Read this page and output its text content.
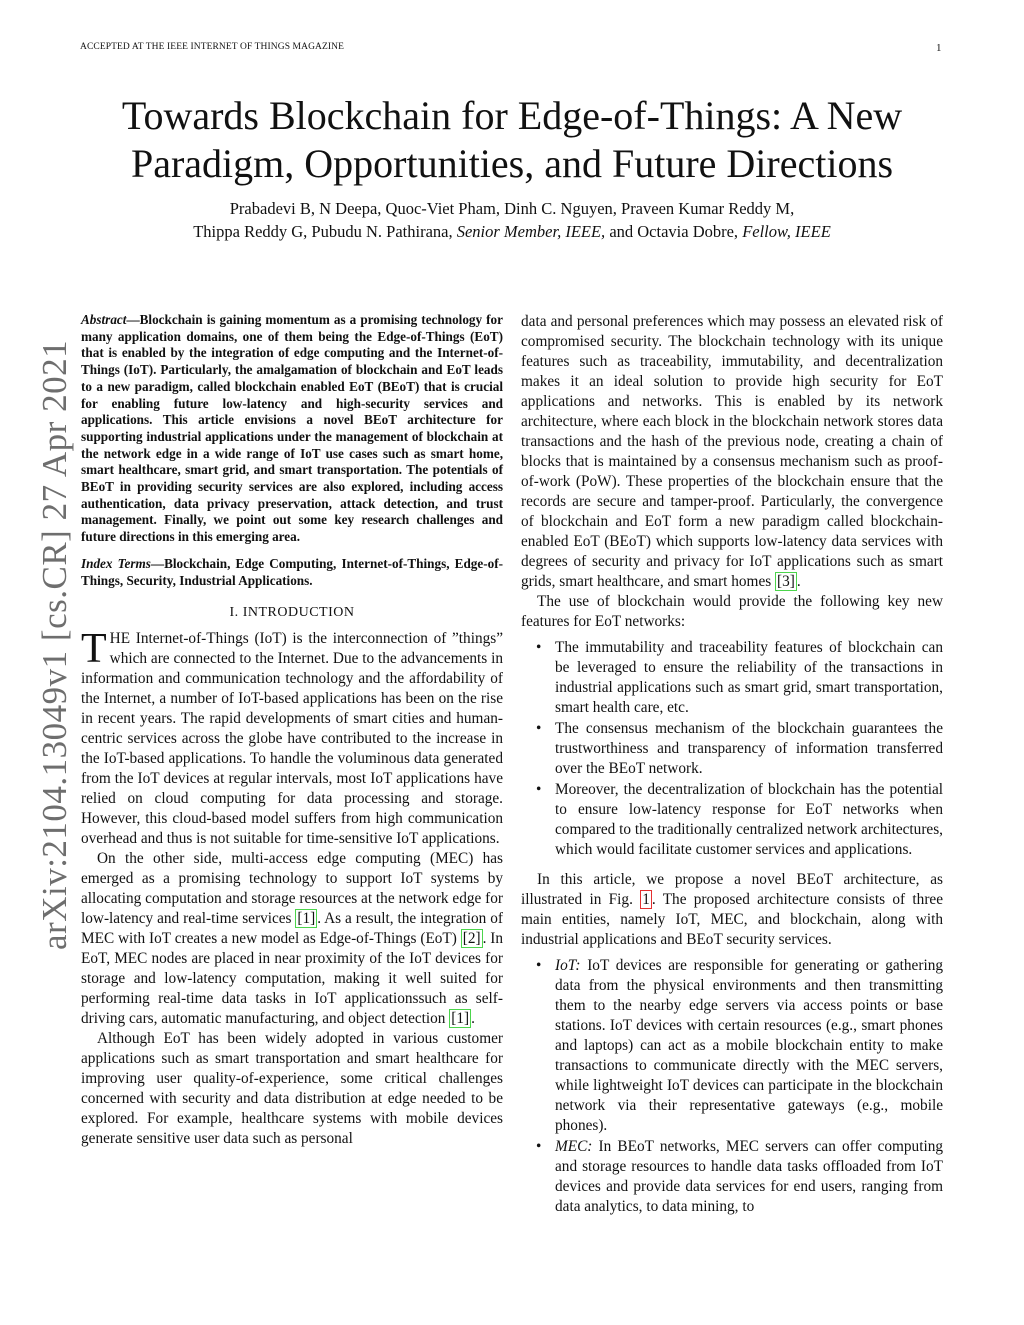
ACCEPTED AT THE IEEE INTERNET OF THINGS MAGAZINE	1
Towards Blockchain for Edge-of-Things: A New
Paradigm, Opportunities, and Future Directions
Prabadevi B, N Deepa, Quoc-Viet Pham, Dinh C. Nguyen, Praveen Kumar Reddy M,
Thippa Reddy G, Pubudu N. Pathirana, Senior Member, IEEE, and Octavia Dobre, Fellow, IEEE
arXiv:2104.13049v1 [cs.CR] 27 Apr 2021

Abstract—Blockchain is gaining momentum as a promising technology for many application domains, one of them being the Edge-of-Things (EoT) that is enabled by the integration of edge computing and the Internet-of-Things (IoT). Particularly, the amalgamation of blockchain and EoT leads to a new paradigm, called blockchain enabled EoT (BEoT) that is crucial for enabling future low-latency and high-security services and applications. This article envisions a novel BEoT architecture for supporting industrial applications under the management of blockchain at the network edge in a wide range of IoT use cases such as smart home, smart healthcare, smart grid, and smart transportation. The potentials of BEoT in providing security services are also explored, including access authentication, data privacy preservation, attack detection, and trust management. Finally, we point out some key research challenges and future directions in this emerging area.

Index Terms—Blockchain, Edge Computing, Internet-of-Things, Edge-of-Things, Security, Industrial Applications.

I. INTRODUCTION

THE Internet-of-Things (IoT) is the interconnection of ”things” which are connected to the Internet. Due to the advancements in information and communication technology and the affordability of the Internet, a number of IoT-based applications has been on the rise in recent years. The rapid developments of smart cities and human-centric services across the globe have contributed to the increase in the IoT-based applications. To handle the voluminous data generated from the IoT devices at regular intervals, most IoT applications have relied on cloud computing for data processing and storage. However, this cloud-based model suffers from high communication overhead and thus is not suitable for time-sensitive IoT applications.

On the other side, multi-access edge computing (MEC) has emerged as a promising technology to support IoT systems by allocating computation and storage resources at the network edge for low-latency and real-time services [1] . As a result, the integration of MEC with IoT creates a new model as Edge-of-Things (EoT) [2] . In EoT, MEC nodes are placed in near proximity of the IoT devices for storage and low-latency computation, making it well suited for performing real-time data tasks in IoT applicationssuch as self-driving cars, automatic manufacturing, and object detection [1] .

Although EoT has been widely adopted in various customer applications such as smart transportation and smart healthcare for improving user quality-of-experience, some critical challenges concerned with security and data distribution at edge needed to be explored. For example, healthcare systems with mobile devices generate sensitive user data such as personal

data and personal preferences which may possess an elevated risk of compromised security. The blockchain technology with its unique features such as traceability, immutability, and decentralization makes it an ideal solution to provide high security for EoT applications and networks. This is enabled by its network architecture, where each block in the blockchain network stores data transactions and the hash of the previous node, creating a chain of blocks that is maintained by a consensus mechanism such as proof-of-work (PoW). These properties of the blockchain ensure that the records are secure and tamper-proof. Particularly, the convergence of blockchain and EoT form a new paradigm called blockchain-enabled EoT (BEoT) which supports low-latency data services with degrees of security and privacy for IoT applications such as smart grids, smart healthcare, and smart homes [3] .

The use of blockchain would provide the following key new features for EoT networks:

• The immutability and traceability features of blockchain can be leveraged to ensure the reliability of the transactions in industrial applications such as smart grid, smart transportation, smart health care, etc.
• The consensus mechanism of the blockchain guarantees the trustworthiness and transparency of information transferred over the BEoT network.
• Moreover, the decentralization of blockchain has the potential to ensure low-latency response for EoT networks when compared to the traditionally centralized network architectures, which would facilitate customer services and applications.

In this article, we propose a novel BEoT architecture, as illustrated in Fig. 1 . The proposed architecture consists of three main entities, namely IoT, MEC, and blockchain, along with industrial applications and BEoT security services.

• IoT: IoT devices are responsible for generating or gathering data from the physical environments and then transmitting them to the nearby edge servers via access points or base stations. IoT devices with certain resources (e.g., smart phones and laptops) can act as a mobile blockchain entity to make transactions to communicate directly with the MEC servers, while lightweight IoT devices can participate in the blockchain network via their representative gateways (e.g., mobile phones).
• MEC: In BEoT networks, MEC servers can offer computing and storage resources to handle data tasks offloaded from IoT devices and provide data services for end users, ranging from data analytics, to data mining, to
